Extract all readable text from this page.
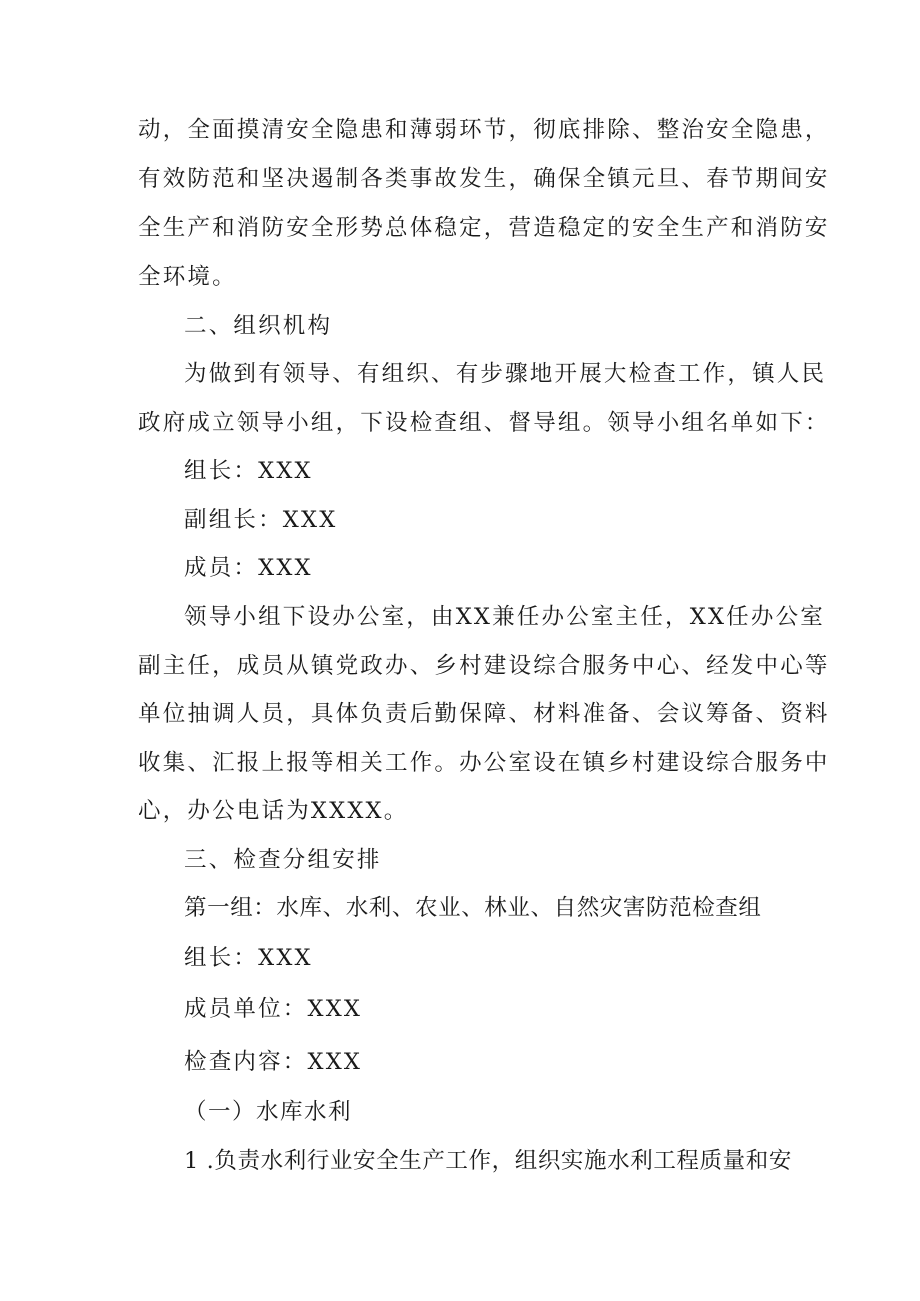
动，全面摸清安全隐患和薄弱环节，彻底排除、整治安全隐患，
有效防范和坚决遏制各类事故发生，确保全镇元旦、春节期间安
全生产和消防安全形势总体稳定，营造稳定的安全生产和消防安
全环境。
二、组织机构
为做到有领导、有组织、有步骤地开展大检查工作，镇人民
政府成立领导小组，下设检查组、督导组。领导小组名单如下：
组长：XXX
副组长：XXX
成员：XXX
领导小组下设办公室，由XX兼任办公室主任，XX任办公室
副主任，成员从镇党政办、乡村建设综合服务中心、经发中心等
单位抽调人员，具体负责后勤保障、材料准备、会议筹备、资料
收集、汇报上报等相关工作。办公室设在镇乡村建设综合服务中
心，办公电话为XXXX。
三、检查分组安排
第一组：水库、水利、农业、林业、自然灾害防范检查组
组长：XXX
成员单位：XXX
检查内容：XXX
（一）水库水利
1 .负责水利行业安全生产工作，组织实施水利工程质量和安
